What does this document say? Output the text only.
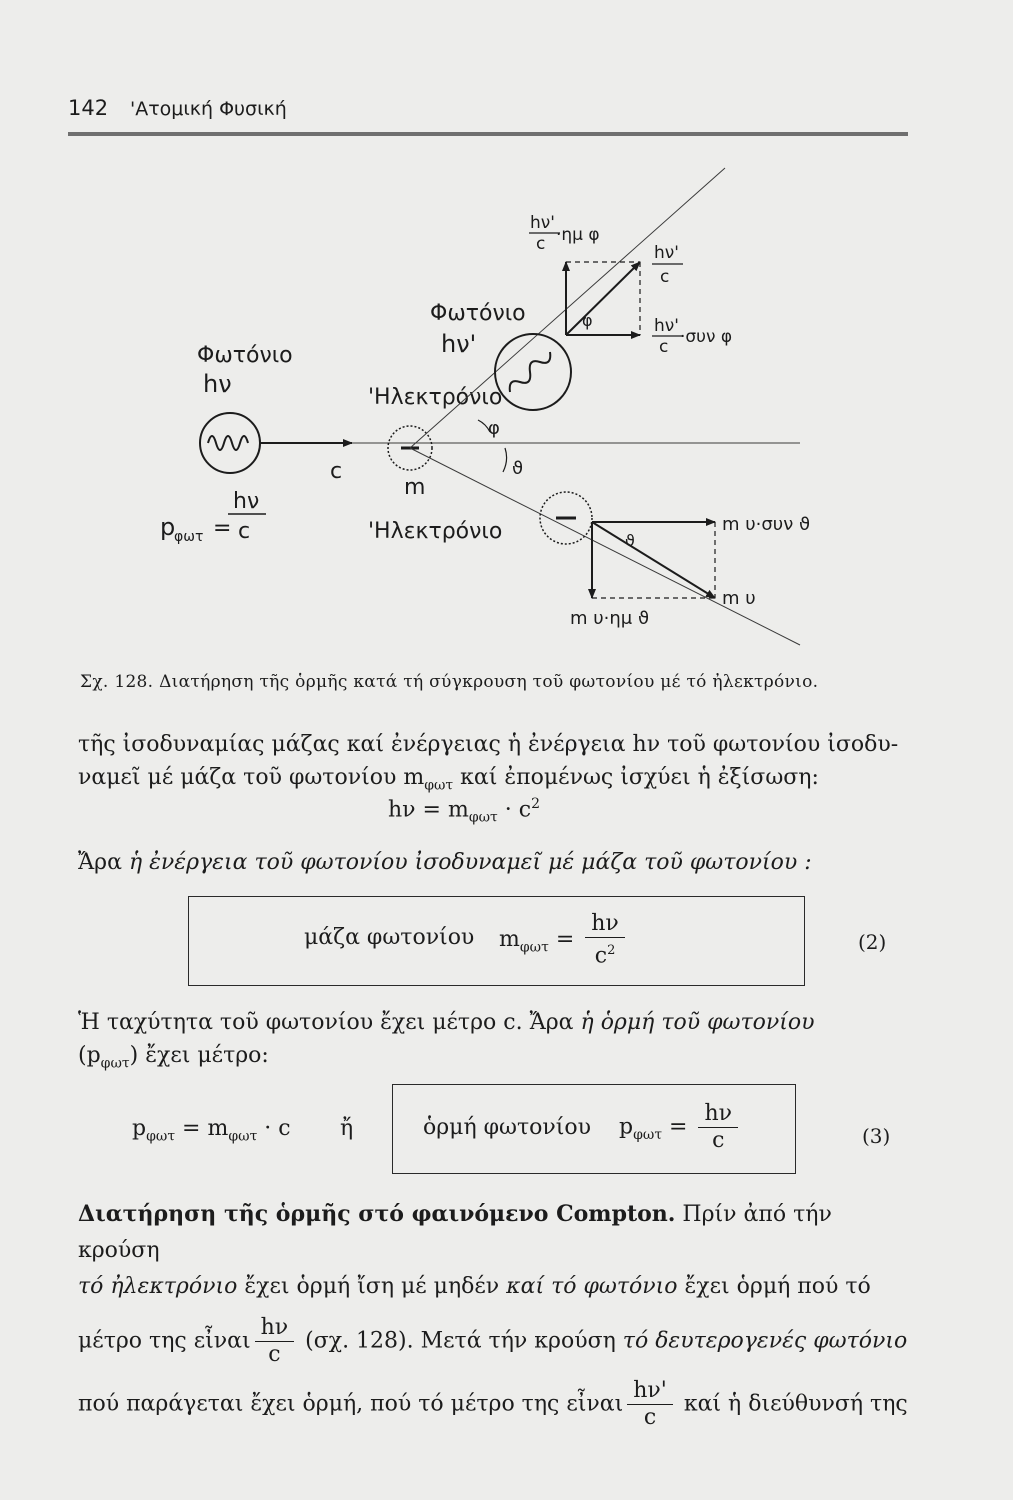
142 'Ατομική Φυσική
Φωτόνιο
hν
c
hν
p
φωτ = c
'Ηλεκτρόνιο
m
Φωτόνιο
hν'
φ
ϑ
'Ηλεκτρόνιο
φ
hν'
c ·ημ φ
hν'
c
hν'
c ·συν φ
ϑ
m υ·συν ϑ
m υ
m υ·ημ ϑ
Σχ. 128. Διατήρηση τῆς ὁρμῆς κατά τή σύγκρουση τοῦ φωτονίου μέ τό ἠλεκτρόνιο.
τῆς ἰσοδυναμίας μάζας καί ἐνέργειας ἡ ἐνέργεια hν τοῦ φωτονίου ἰσοδυ-
ναμεῖ μέ μάζα τοῦ φωτονίου $m_{\varphi\omega\tau}$ καί ἐπομένως ἰσχύει ἡ ἐξίσωση:
$h\nu = m_{\varphi\omega\tau} \cdot c^2$
Ἄρα ἡ ἐνέργεια τοῦ φωτονίου ἰσοδυναμεῖ μέ μάζα τοῦ φωτονίου :
μάζα φωτονίου $m_{\varphi\omega\tau} = \frac{h\nu}{c^2}$	(2)
Ἡ ταχύτητα τοῦ φωτονίου ἔχει μέτρο c. Ἄρα ἡ ὁρμή τοῦ φωτονίου
$(p_{\varphi\omega\tau})$ ἔχει μέτρο:
$p_{\varphi\omega\tau} = m_{\varphi\omega\tau} \cdot c$ ἤ	ὁρμή φωτονίου $p_{\varphi\omega\tau} = \frac{h\nu}{c}$	(3)
Διατήρηση τῆς ὁρμῆς στό φαινόμενο Compton. Πρίν ἀπό τήν κρούση
τό ἠλεκτρόνιο ἔχει ὁρμή ἴση μέ μηδέν καί τό φωτόνιο ἔχει ὁρμή πού τό
μέτρο της εἶναι $\frac{h\nu}{c} (\sigma\chi$. 128). Μετά τήν κρούση τό δευτερογενές φωτόνιο
πού παράγεται ἔχει ὁρμή, πού τό μέτρο της εἶναι $\frac{h\nu'}{c}$ καί ἡ διεύθυνσή της
